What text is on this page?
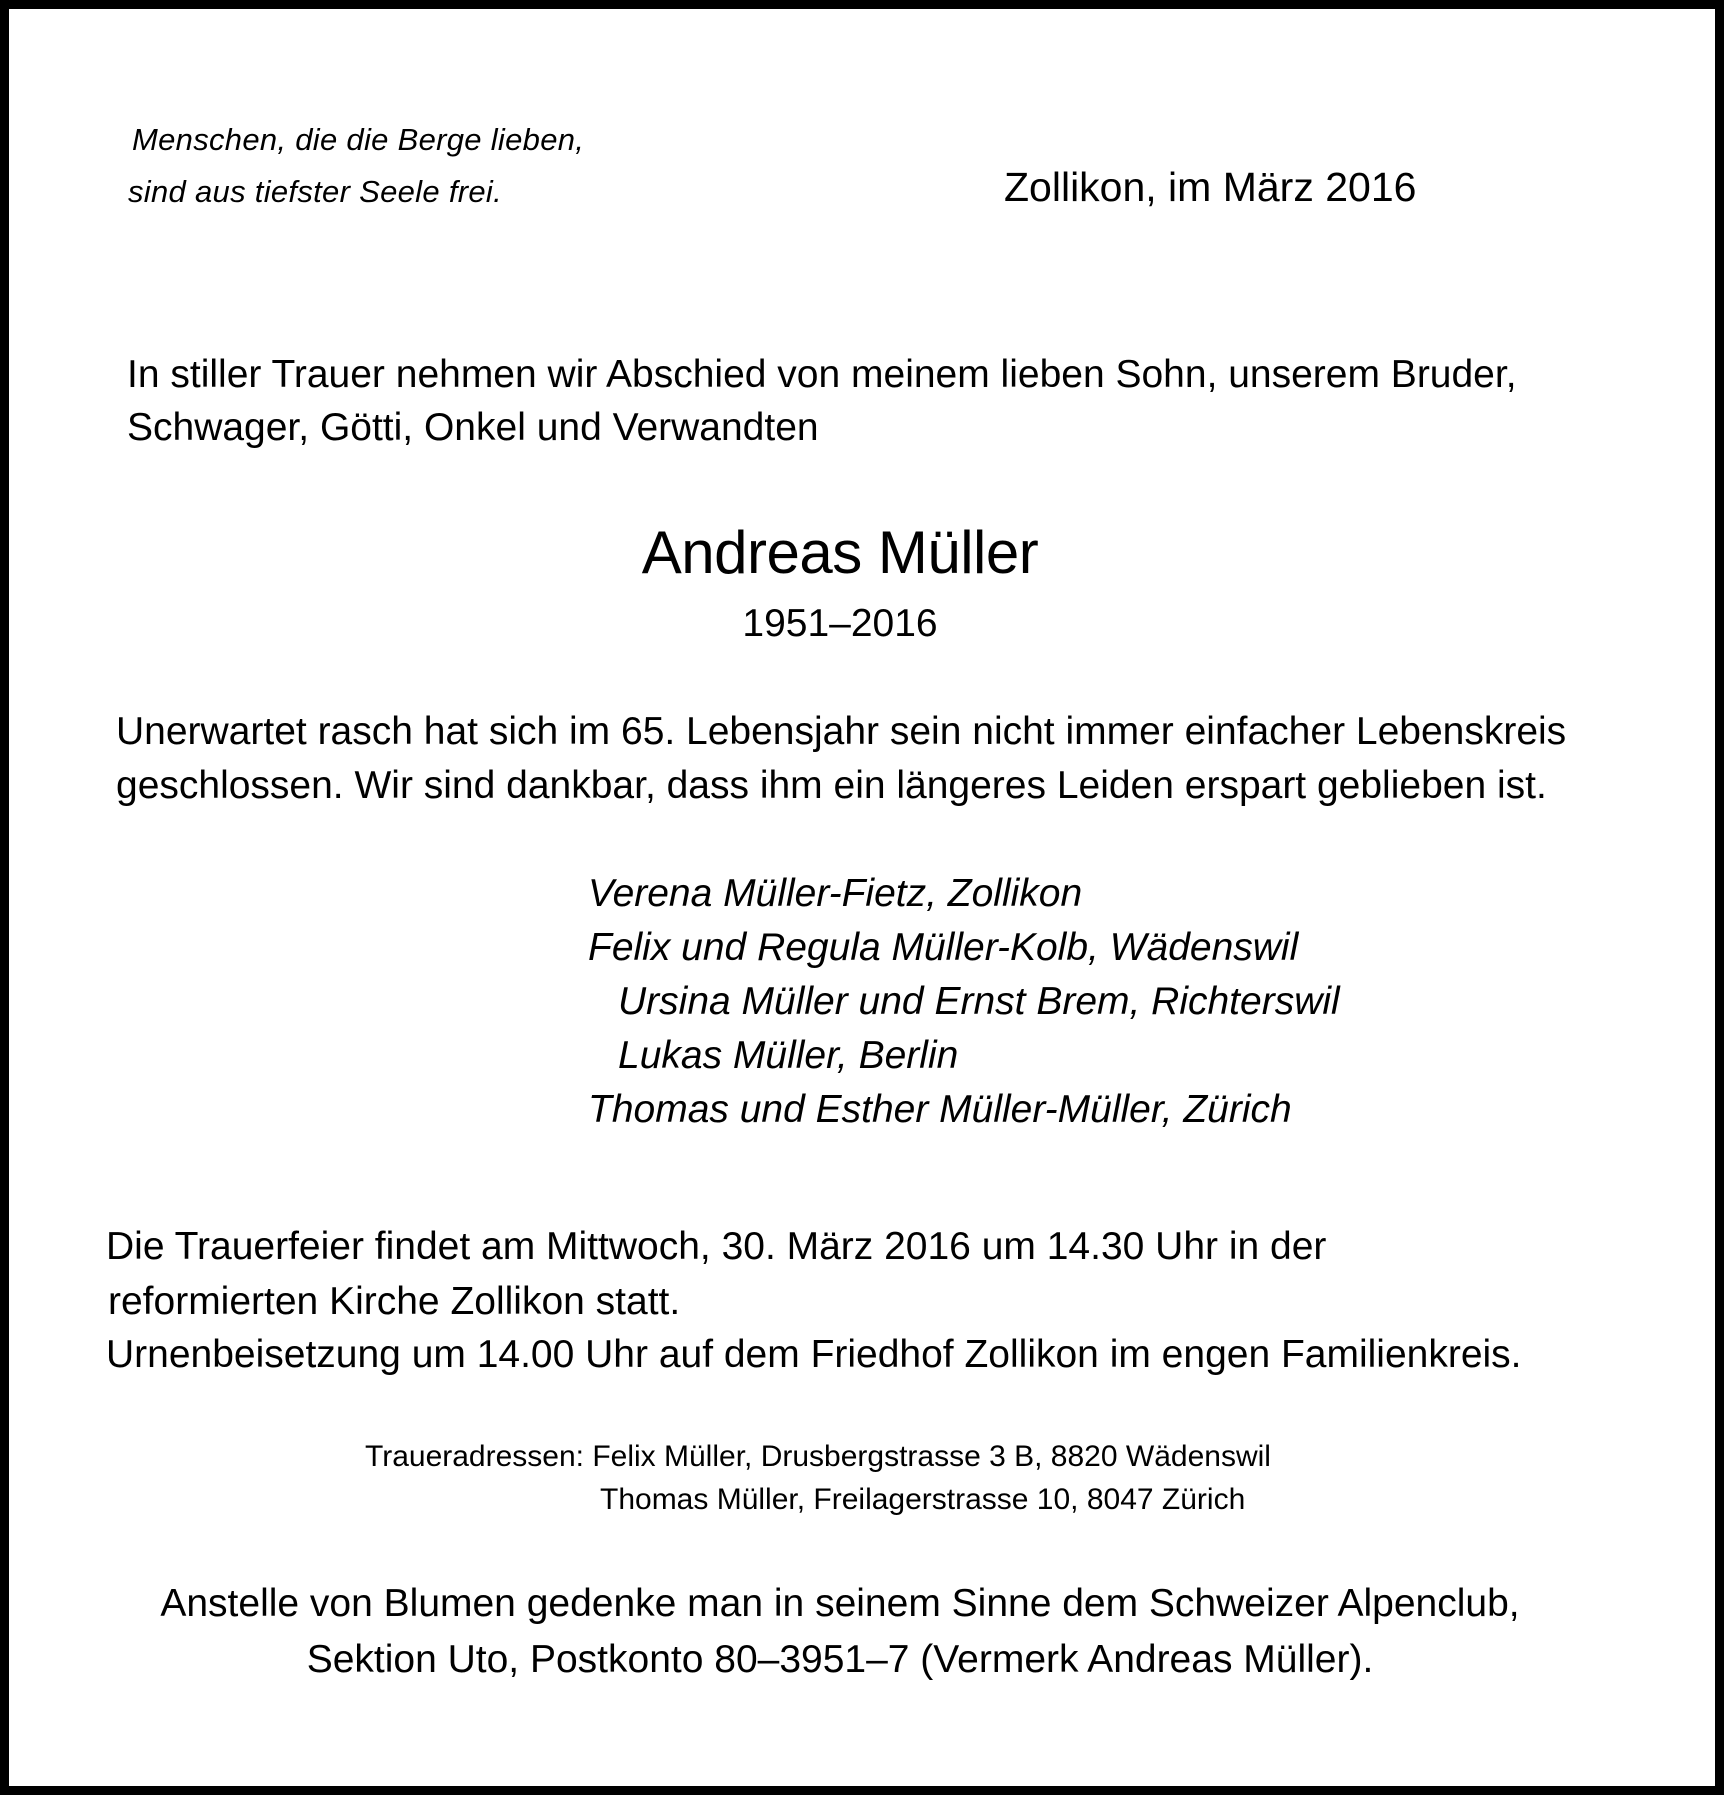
Menschen, die die Berge lieben,

sind aus tiefster Seele frei.	Zollikon, im März 2016

In stiller Trauer nehmen wir Abschied von meinem lieben Sohn, unserem Bruder,

Schwager, Götti, Onkel und Verwandten

Andreas Müller

1951–2016

Unerwartet rasch hat sich im 65. Lebensjahr sein nicht immer einfacher Lebenskreis

geschlossen. Wir sind dankbar, dass ihm ein längeres Leiden erspart geblieben ist.

Verena Müller-Fietz, Zollikon

Felix und Regula Müller-Kolb, Wädenswil

Ursina Müller und Ernst Brem, Richterswil

Lukas Müller, Berlin

Thomas und Esther Müller-Müller, Zürich

Die Trauerfeier findet am Mittwoch, 30. März 2016 um 14.30 Uhr in der

reformierten Kirche Zollikon statt.

Urnenbeisetzung um 14.00 Uhr auf dem Friedhof Zollikon im engen Familienkreis.

Traueradressen: Felix Müller, Drusbergstrasse 3 B, 8820 Wädenswil

Thomas Müller, Freilagerstrasse 10, 8047 Zürich

Anstelle von Blumen gedenke man in seinem Sinne dem Schweizer Alpenclub,

Sektion Uto, Postkonto 80–3951–7 (Vermerk Andreas Müller).
